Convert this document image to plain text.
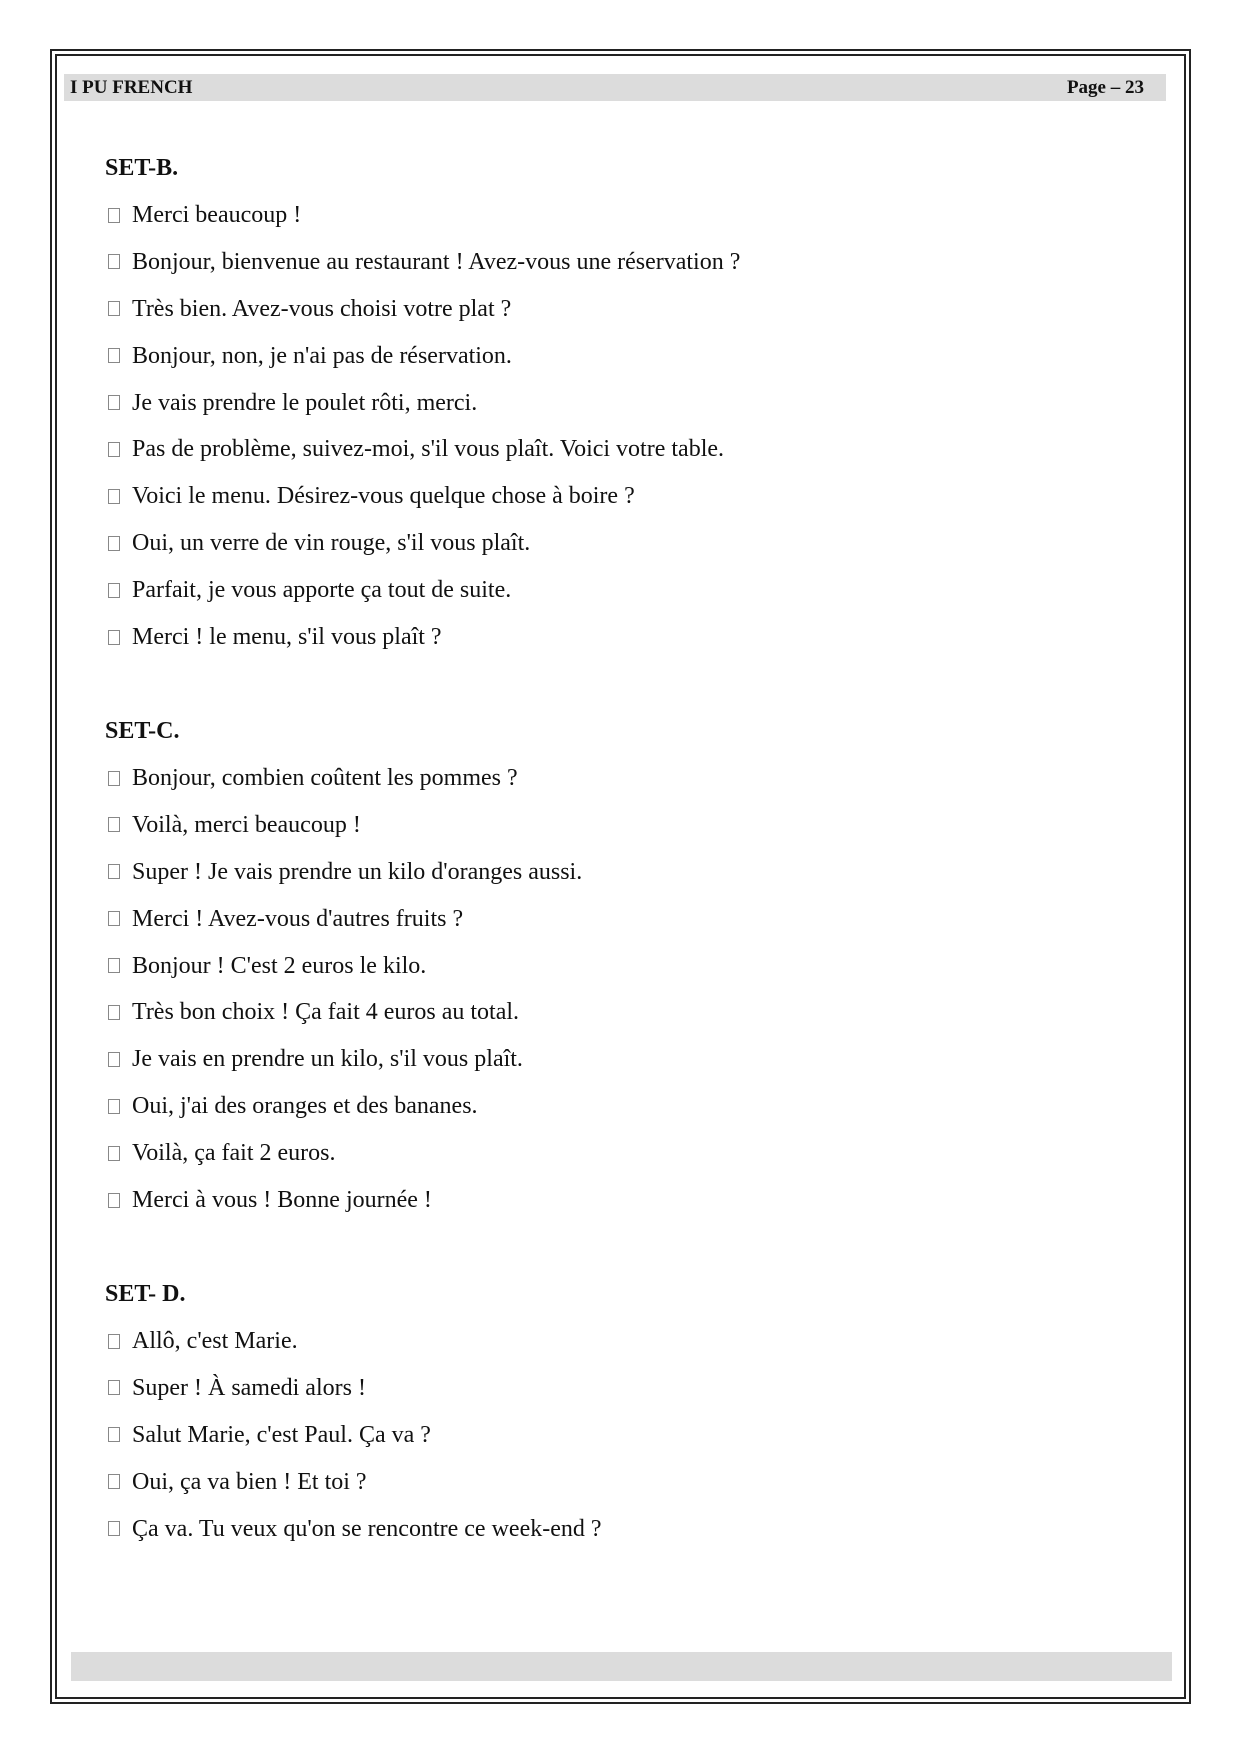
I PU FRENCH	Page – 23
SET-B.
Merci beaucoup !
Bonjour, bienvenue au restaurant ! Avez-vous une réservation ?
Très bien. Avez-vous choisi votre plat ?
Bonjour, non, je n'ai pas de réservation.
Je vais prendre le poulet rôti, merci.
Pas de problème, suivez-moi, s'il vous plaît. Voici votre table.
Voici le menu. Désirez-vous quelque chose à boire ?
Oui, un verre de vin rouge, s'il vous plaît.
Parfait, je vous apporte ça tout de suite.
Merci ! le menu, s'il vous plaît ?
SET-C.
Bonjour, combien coûtent les pommes ?
Voilà, merci beaucoup !
Super ! Je vais prendre un kilo d'oranges aussi.
Merci ! Avez-vous d'autres fruits ?
Bonjour ! C'est 2 euros le kilo.
Très bon choix ! Ça fait 4 euros au total.
Je vais en prendre un kilo, s'il vous plaît.
Oui, j'ai des oranges et des bananes.
Voilà, ça fait 2 euros.
Merci à vous ! Bonne journée !
SET- D.
Allô, c'est Marie.
Super ! À samedi alors !
Salut Marie, c'est Paul. Ça va ?
Oui, ça va bien ! Et toi ?
Ça va. Tu veux qu'on se rencontre ce week-end ?
